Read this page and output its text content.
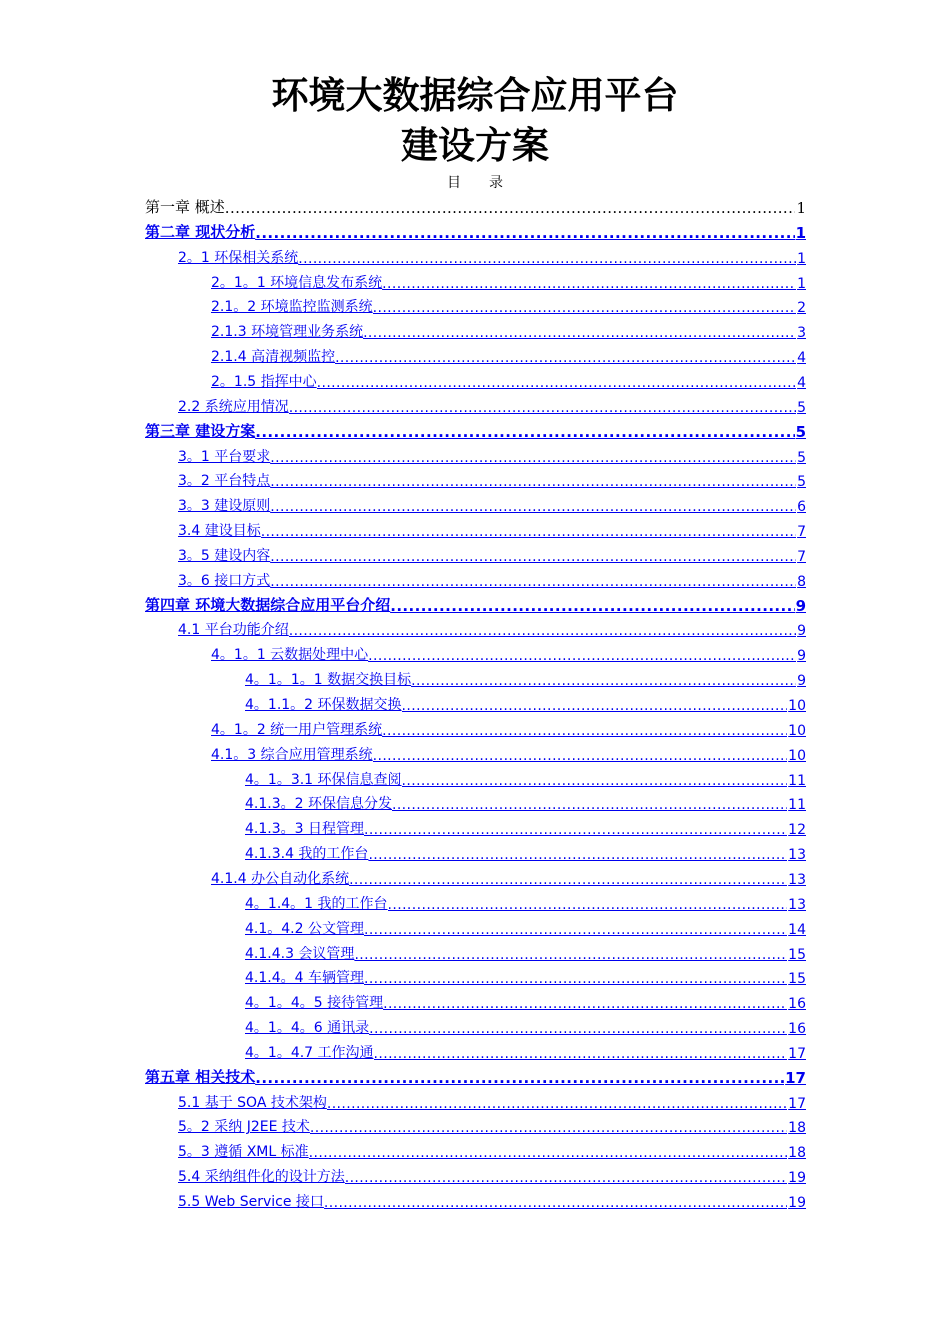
环境大数据综合应用平台
建设方案
目录
第一章 概述 .....	1
第二章 现状分析 .....	1
2。1 环保相关系统 .....	1
2。1。1 环境信息发布系统 .....	1
2.1。2 环境监控监测系统 .....	2
2.1.3 环境管理业务系统 .....	3
2.1.4 高清视频监控 .....	4
2。1.5 指挥中心 .....	4
2.2 系统应用情况 .....	5
第三章 建设方案 .....	5
3。1 平台要求 .....	5
3。2 平台特点 .....	5
3。3 建设原则 .....	6
3.4 建设目标 .....	7
3。5 建设内容 .....	7
3。6 接口方式 .....	8
第四章 环境大数据综合应用平台介绍 .....	9
4.1 平台功能介绍 .....	9
4。1。1 云数据处理中心 .....	9
4。1。1。1 数据交换目标 .....	9
4。1.1。2 环保数据交换 .....	10
4。1。2 统一用户管理系统 .....	10
4.1。3 综合应用管理系统 .....	10
4。1。3.1 环保信息查阅 .....	11
4.1.3。2 环保信息分发 .....	11
4.1.3。3 日程管理 .....	12
4.1.3.4 我的工作台 .....	13
4.1.4 办公自动化系统 .....	13
4。1.4。1 我的工作台 .....	13
4.1。4.2 公文管理 .....	14
4.1.4.3 会议管理 .....	15
4.1.4。4 车辆管理 .....	15
4。1。4。5 接待管理 .....	16
4。1。4。6 通讯录 .....	16
4。1。4.7 工作沟通 .....	17
第五章 相关技术 .....	17
5.1 基于 SOA 技术架构 .....	17
5。2 采纳 J2EE 技术 .....	18
5。3 遵循 XML 标准 .....	18
5.4 采纳组件化的设计方法 .....	19
5.5 Web Service 接口 .....	19
